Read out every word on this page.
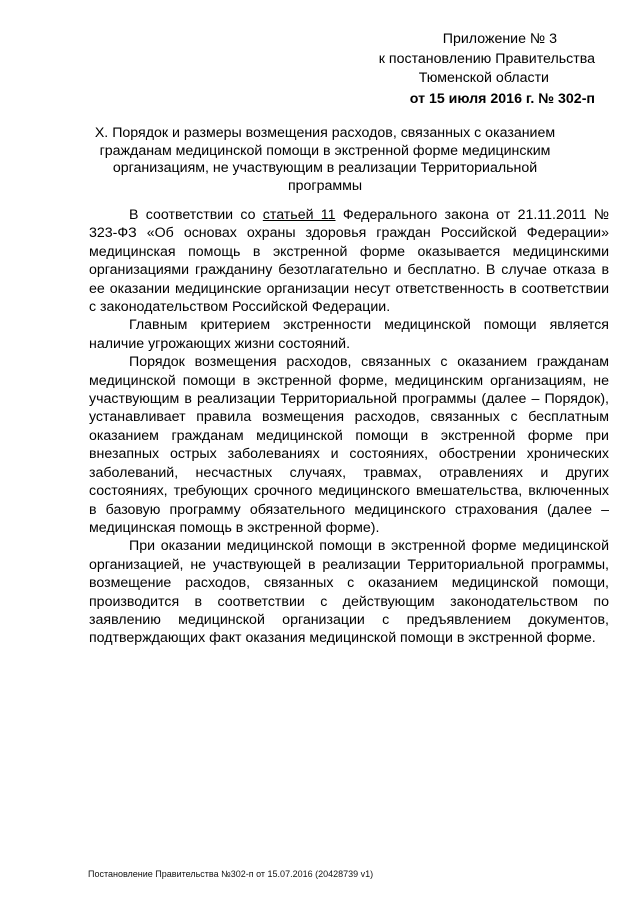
Приложение № 3
к постановлению Правительства
Тюменской области
от 15 июля 2016 г. № 302-п
X. Порядок и размеры возмещения расходов, связанных с оказанием гражданам медицинской помощи в экстренной форме медицинским организациям, не участвующим в реализации Территориальной программы

В соответствии со статьей 11 Федерального закона от 21.11.2011 № 323-ФЗ «Об основах охраны здоровья граждан Российской Федерации» медицинская помощь в экстренной форме оказывается медицинскими организациями гражданину безотлагательно и бесплатно. В случае отказа в ее оказании медицинские организации несут ответственность в соответствии с законодательством Российской Федерации.

Главным критерием экстренности медицинской помощи является наличие угрожающих жизни состояний.

Порядок возмещения расходов, связанных с оказанием гражданам медицинской помощи в экстренной форме, медицинским организациям, не участвующим в реализации Территориальной программы (далее – Порядок), устанавливает правила возмещения расходов, связанных с бесплатным оказанием гражданам медицинской помощи в экстренной форме при внезапных острых заболеваниях и состояниях, обострении хронических заболеваний, несчастных случаях, травмах, отравлениях и других состояниях, требующих срочного медицинского вмешательства, включенных в базовую программу обязательного медицинского страхования (далее – медицинская помощь в экстренной форме).

При оказании медицинской помощи в экстренной форме медицинской организацией, не участвующей в реализации Территориальной программы, возмещение расходов, связанных с оказанием медицинской помощи, производится в соответствии с действующим законодательством по заявлению медицинской организации с предъявлением документов, подтверждающих факт оказания медицинской помощи в экстренной форме.

Постановление Правительства №302-п от 15.07.2016 (20428739 v1)
